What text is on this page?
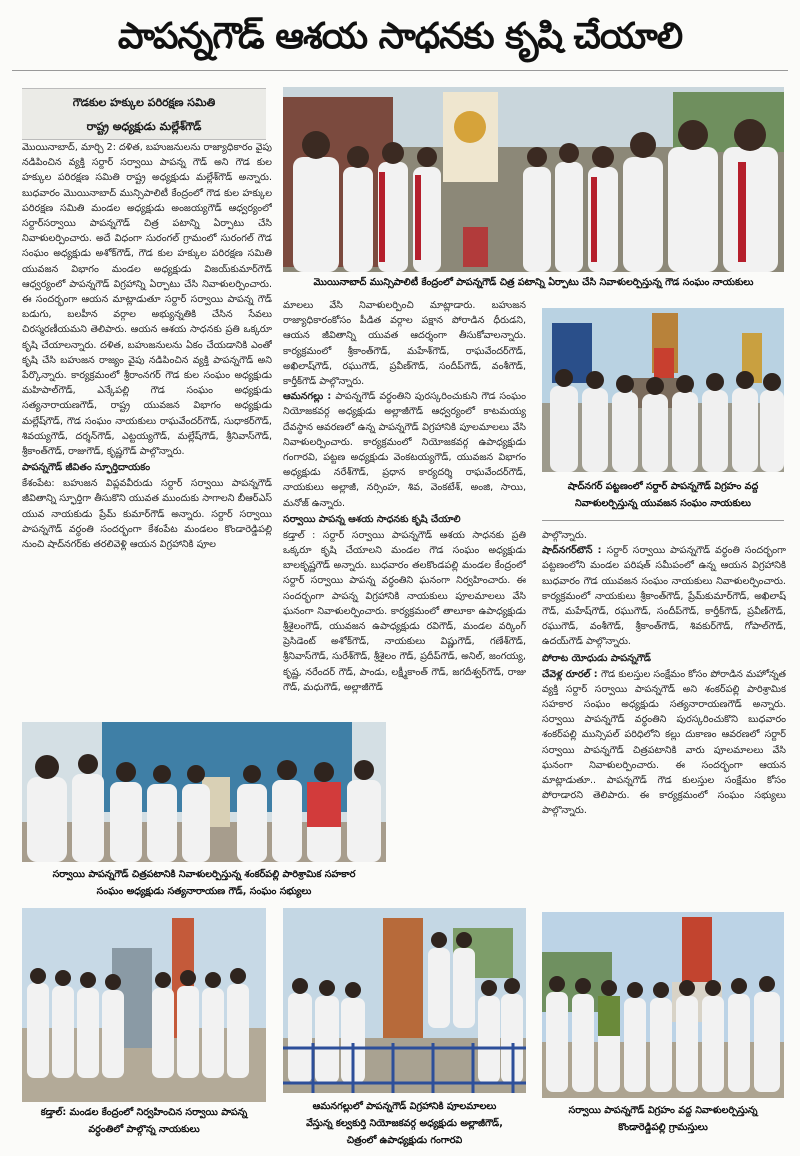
పాపన్నగౌడ్ ఆశయ సాధనకు కృషి చేయాలి
గౌడకుల హక్కుల పరిరక్షణ సమితి
రాష్ట్ర అధ్యక్షుడు మల్లేశ్‌గౌడ్

మొయినాబాద్, మార్చి 2: దళిత, బహుజనులను రాజ్యాధికారం వైపు నడిపించిన వ్యక్తి సర్దార్ సర్వాయి పాపన్న గౌడ్ అని గౌడ కుల హక్కుల పరిరక్షణ సమితి రాష్ట్ర అధ్యక్షుడు మల్లేశ్‌గౌడ్ అన్నారు. బుధవారం మొయినాబాద్ మున్సిపాలిటీ కేంద్రంలో గౌడ కుల హక్కుల పరిరక్షణ సమితి మండల అధ్యక్షుడు అంజయ్యగౌడ్ ఆధ్వర్యంలో సర్దార్‌సర్వాయి పాపన్నగౌడ్ చిత్ర పటాన్ని ఏర్పాటు చేసి నివాళులర్పించారు. అదే విధంగా సురంగల్ గ్రామంలో సురంగల్ గౌడ సంఘం అధ్యక్షుడు అశోక్‌గౌడ్, గౌడ కుల హక్కుల పరిరక్షణ సమితి యువజన విభాగం మండల అధ్యక్షుడు విజయ్‌కుమార్‌గౌడ్ ఆధ్వర్యంలో పాపన్నగౌడ్ విగ్రహాన్ని ఏర్పాటు చేసి నివాళులర్పించారు. ఈ సందర్భంగా ఆయన మాట్లాడుతూ సర్దార్ సర్వాయి పాపన్న గౌడ్ బడుగు, బలహీన వర్గాల అభ్యున్నతికి చేసిన సేవలు చిరస్మరణీయమని తెలిపారు. ఆయన ఆశయ సాధనకు ప్రతి ఒక్కరూ కృషి చేయాలన్నారు. దళిత, బహుజనులను ఏకం చేయడానికి ఎంతో కృషి చేసి బహుజన రాజ్యం వైపు నడిపించిన వ్యక్తి పాపన్నగౌడ్ అని పేర్కొన్నారు. కార్యక్రమంలో శ్రీరాంనగర్ గౌడ కుల సంఘం అధ్యక్షుడు మహిపాల్‌గౌడ్, ఎన్కేపల్లి గౌడ సంఘం అధ్యక్షుడు సత్యనారాయణగౌడ్, రాష్ట్ర యువజన విభాగం అధ్యక్షుడు మల్లేష్‌గౌడ్, గౌడ సంఘం నాయకులు రాఘవేందర్‌గౌడ్, సుధాకర్‌గౌడ్, శివయ్యగౌడ్, దర్శన్‌గౌడ్, ఎట్టయ్యగౌడ్, మల్లేష్‌గౌడ్, శ్రీనివాస్‌గౌడ్, శ్రీకాంత్‌గౌడ్, రాజుగౌడ్, కృష్ణగౌడ్ పాల్గొన్నారు.

పాపన్నగౌడ్ జీవితం స్ఫూర్తిదాయకం

కేశంపేట: బహుజన విప్లవవీరుడు సర్దార్ సర్వాయి పాపన్నగౌడ్ జీవితాన్ని స్ఫూర్తిగా తీసుకొని యువత ముందుకు సాగాలని బీఆర్ఎస్ యువ నాయకుడు ప్రేమ్ కుమార్‌గౌడ్ అన్నారు. సర్దార్ సర్వాయి పాపన్నగౌడ్ వర్ధంతి సందర్భంగా కేశంపేట మండలం కొండారెడ్డిపల్లి నుంచి షాద్‌నగర్‌కు తరలివెళ్లి ఆయన విగ్రహానికి పూల

మొయినాబాద్ మున్సిపాలిటీ కేంద్రంలో పాపన్నగౌడ్ చిత్ర పటాన్ని ఏర్పాటు చేసి నివాళులర్పిస్తున్న గౌడ సంఘం నాయకులు

మాలలు వేసి నివాళులర్పించి మాట్లాడారు. బహుజన రాజ్యాధికారంకోసం పీడిత వర్గాల పక్షాన పోరాడిన ధీరుడని, ఆయన జీవితాన్ని యువత ఆదర్శంగా తీసుకోవాలన్నారు. కార్యక్రమంలో శ్రీకాంత్‌గౌడ్, మహేశ్‌గౌడ్, రాఘవేందర్‌గౌడ్, అఖిలాష్‌గౌడ్, రఘుగౌడ్, ప్రవీణ్‌గౌడ్, సందీప్‌గౌడ్, వంశీగౌడ్, కార్తీక్‌గౌడ్ పాల్గొన్నారు.

ఆమనగల్లు : పాపన్నగౌడ్ వర్ధంతిని పురస్కరించుకుని గౌడ సంఘం నియోజకవర్గ అధ్యక్షుడు అల్లాజీగౌడ్ ఆధ్వర్యంలో కాటమయ్య దేవస్థాన ఆవరణలో ఉన్న పాపన్నగౌడ్ విగ్రహానికి పూలమాలలు వేసి నివాళులర్పించారు. కార్యక్రమంలో నియోజకవర్గ ఉపాధ్యక్షుడు గంగారవి, పట్టణ అధ్యక్షుడు వెంకటయ్యగౌడ్, యువజన విభాగం అధ్యక్షుడు నరేశ్‌గౌడ్, ప్రధాన కార్యదర్శి రాఘవేందర్‌గౌడ్, నాయకులు అల్లాజీ, నర్సింహ, శివ, వెంకటేశ్, అంజి, సాయి, మనోజ్ ఉన్నారు.

సర్వాయి పాపన్న ఆశయ సాధనకు కృషి చేయాలి

కడ్తాల్ : సర్దార్ సర్వాయి పాపన్నగౌడ్ ఆశయ సాధనకు ప్రతి ఒక్కరూ కృషి చేయాలని మండల గౌడ సంఘం అధ్యక్షుడు బాలకృష్ణగౌడ్ అన్నారు. బుధవారం తలకొండపల్లి మండల కేంద్రంలో సర్దార్ సర్వాయి పాపన్న వర్ధంతిని ఘనంగా నిర్వహించారు. ఈ సందర్భంగా పాపన్న విగ్రహానికి నాయకులు పూలమాలలు వేసి ఘనంగా నివాళులర్పించారు. కార్యక్రమంలో తాలూకా ఉపాధ్యక్షుడు శ్రీశైలంగౌడ్, యువజన ఉపాధ్యక్షుడు రవిగౌడ్, మండల వర్కింగ్ ప్రెసిడెంట్ అశోక్‌గౌడ్, నాయకులు విష్ణుగౌడ్, గణేశ్‌గౌడ్, శ్రీనివాస్‌గౌడ్, సురేశ్‌గౌడ్, శ్రీశైలం గౌడ్, ప్రదీప్‌గౌడ్, అనిల్, జంగయ్య, కృష్ణ, నరేందర్ గౌడ్, పాండు, లక్ష్మీకాంత్ గౌడ్, జగదీశ్వర్‌గౌడ్, రాజు గౌడ్, మధుగౌడ్, అల్లాజీగౌడ్

షాద్‌నగర్ పట్టణంలో సర్దార్ పాపన్నగౌడ్ విగ్రహం వద్ద
నివాళులర్పిస్తున్న యువజన సంఘం నాయకులు

పాల్గొన్నారు.

షాద్‌నగర్‌టౌన్ : సర్దార్ సర్వాయి పాపన్నగౌడ్ వర్ధంతి సందర్భంగా పట్టణంలోని మండల పరిషత్ సమీపంలో ఉన్న ఆయన విగ్రహానికి బుధవారం గౌడ యువజన సంఘం నాయకులు నివాళులర్పించారు. కార్యక్రమంలో నాయకులు శ్రీకాంత్‌గౌడ్, ప్రేమ్‌కుమార్‌గౌడ్, అఖిలాష్ గౌడ్, మహేష్‌గౌడ్, రఘుగౌడ్, సందీప్‌గౌడ్, కార్తీక్‌గౌడ్, ప్రవీణ్‌గౌడ్, రఘుగౌడ్, వంశీగౌడ్, శ్రీకాంత్‌గౌడ్, శివకుర్‌గౌడ్, గోపాల్‌గౌడ్, ఉదయ్‌గౌడ్ పాల్గొన్నారు.

పోరాట యోధుడు పాపన్నగౌడ్

చేవెళ్ల రూరల్ : గౌడ కులస్తుల సంక్షేమం కోసం పోరాడిన మహోన్నత వ్యక్తి సర్దార్ సర్వాయి పాపన్నగౌడ్ అని శంకర్‌పల్లి పారిశ్రామిక సహకార సంఘం అధ్యక్షుడు సత్యనారాయణగౌడ్ అన్నారు. సర్వాయి పాపన్నగౌడ్ వర్ధంతిని పురస్కరించుకొని బుధవారం శంకర్‌పల్లి మున్సిపల్ పరిధిలోని కల్లు దుకాణం ఆవరణలో సర్దార్ సర్వాయి పాపన్నగౌడ్ చిత్రపటానికి వారు పూలమాలలు వేసి ఘనంగా నివాళులర్పించారు. ఈ సందర్భంగా ఆయన మాట్లాడుతూ.. పాపన్నగౌడ్ గౌడ కులస్తుల సంక్షేమం కోసం పోరాడారని తెలిపారు. ఈ కార్యక్రమంలో సంఘం సభ్యులు పాల్గొన్నారు.

సర్వాయి పాపన్నగౌడ్ చిత్రపటానికి నివాళులర్పిస్తున్న శంకర్‌పల్లి పారిశ్రామిక సహకార
సంఘం అధ్యక్షుడు సత్యనారాయణ గౌడ్, సంఘం సభ్యులు
కడ్తాల్: మండల కేంద్రంలో నిర్వహించిన సర్వాయి పాపన్న
వర్ధంతిలో పాల్గొన్న నాయకులు
ఆమనగల్లులో పాపన్నగౌడ్ విగ్రహానికి పూలమాలలు
వేస్తున్న కల్వకుర్తి నియోజకవర్గ అధ్యక్షుడు అల్లాజీగౌడ్,
చిత్రంలో ఉపాధ్యక్షుడు గంగారవి
సర్వాయి పాపన్నగౌడ్ విగ్రహం వద్ద నివాళులర్పిస్తున్న
కొండారెడ్డిపల్లి గ్రామస్తులు
